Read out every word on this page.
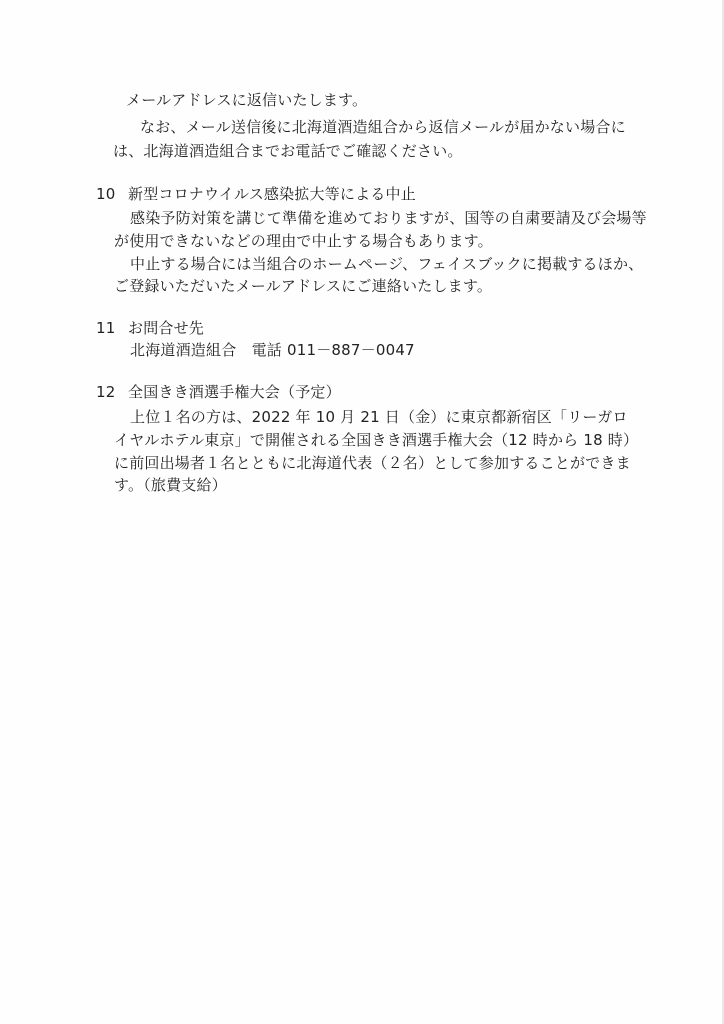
メールアドレスに返信いたします。
なお、メール送信後に北海道酒造組合から返信メールが届かない場合に
は、北海道酒造組合までお電話でご確認ください。
10 新型コロナウイルス感染拡大等による中止
感染予防対策を講じて準備を進めておりますが、国等の自粛要請及び会場等
が使用できないなどの理由で中止する場合もあります。
中止する場合には当組合のホームページ、フェイスブックに掲載するほか、
ご登録いただいたメールアドレスにご連絡いたします。
11 お問合せ先
北海道酒造組合　電話 011－887－0047
12 全国きき酒選手権大会（予定）
上位１名の方は、2022 年 10 月 21 日（金）に東京都新宿区「リーガロ
イヤルホテル東京」で開催される全国きき酒選手権大会（12 時から 18 時）
に前回出場者１名とともに北海道代表（２名）として参加することができま
す。（旅費支給）
